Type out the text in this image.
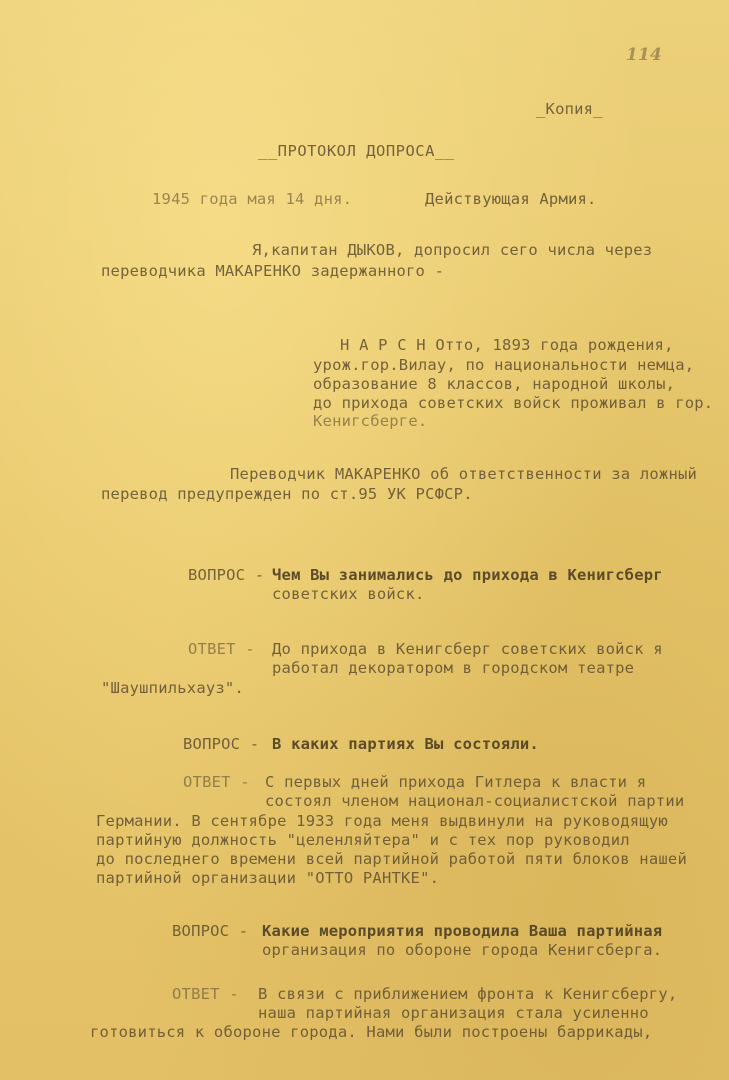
114
_Копия_
__ПРОТОКОЛ ДОПРОСА__
1945 года мая 14 дня.	Действующая Армия.
Я,капитан ДЫКОВ, допросил сего числа через
переводчика МАКАРЕНКО задержанного -
Н А Р С Н Отто, 1893 года рождения,
урож.гор.Вилау, по национальности немца,
образование 8 классов, народной школы,
до прихода советских войск проживал в гор.
Кенигсберге.
Переводчик МАКАРЕНКО об ответственности за ложный
перевод предупрежден по ст.95 УК РСФСР.
ВОПРОС - Чем Вы занимались до прихода в Кенигсберг
советских войск.
ОТВЕТ - До прихода в Кенигсберг советских войск я
работал декоратором в городском театре
"Шаушпильхауз".
ВОПРОС - В каких партиях Вы состояли.
ОТВЕТ - С первых дней прихода Гитлера к власти я
состоял членом национал-социалистской партии
Германии. В сентябре 1933 года меня выдвинули на руководящую
партийную должность "целенляйтера" и с тех пор руководил
до последнего времени всей партийной работой пяти блоков нашей
партийной организации "ОТТО РАНТКЕ".
ВОПРОС - Какие мероприятия проводила Ваша партийная
организация по обороне города Кенигсберга.
ОТВЕТ - В связи с приближением фронта к Кенигсбергу,
наша партийная организация стала усиленно
готовиться к обороне города. Нами были построены баррикады,
